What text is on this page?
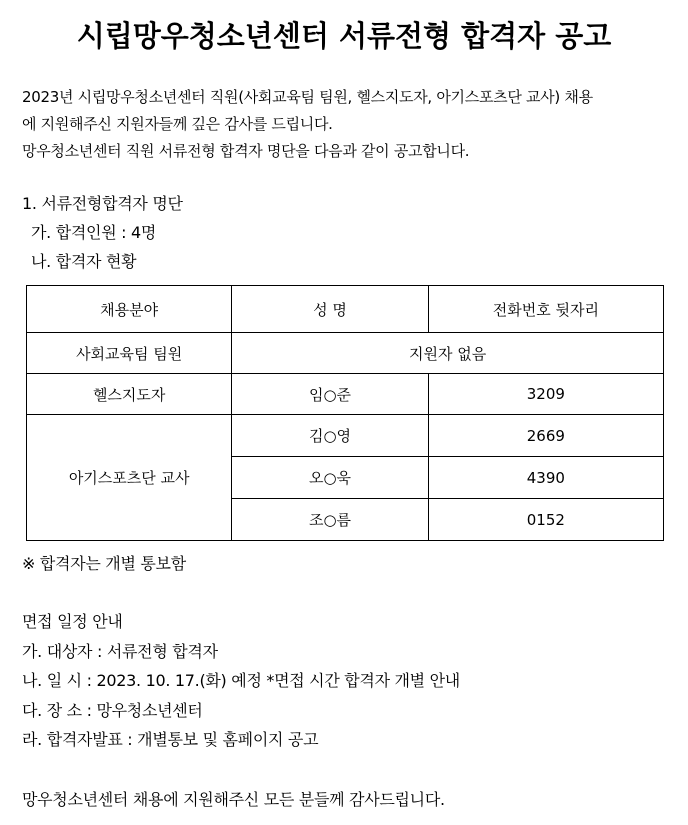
시립망우청소년센터 서류전형 합격자 공고
2023년 시립망우청소년센터 직원(사회교육팀 팀원, 헬스지도자, 아기스포츠단 교사) 채용
에 지원해주신 지원자들께 깊은 감사를 드립니다.
망우청소년센터 직원 서류전형 합격자 명단을 다음과 같이 공고합니다.
1. 서류전형합격자 명단
가. 합격인원 : 4명
나. 합격자 현황
채용분야	성 명	전화번호 뒷자리
사회교육팀 팀원	지원자 없음	
헬스지도자	임○준	3209
아기스포츠단 교사	김○영	2669
	오○욱	4390
	조○름	0152
※ 합격자는 개별 통보함
면접 일정 안내
가. 대상자 : 서류전형 합격자
나. 일 시 : 2023. 10. 17.(화) 예정 *면접 시간 합격자 개별 안내
다. 장 소 : 망우청소년센터
라. 합격자발표 : 개별통보 및 홈페이지 공고
망우청소년센터 채용에 지원해주신 모든 분들께 감사드립니다.
